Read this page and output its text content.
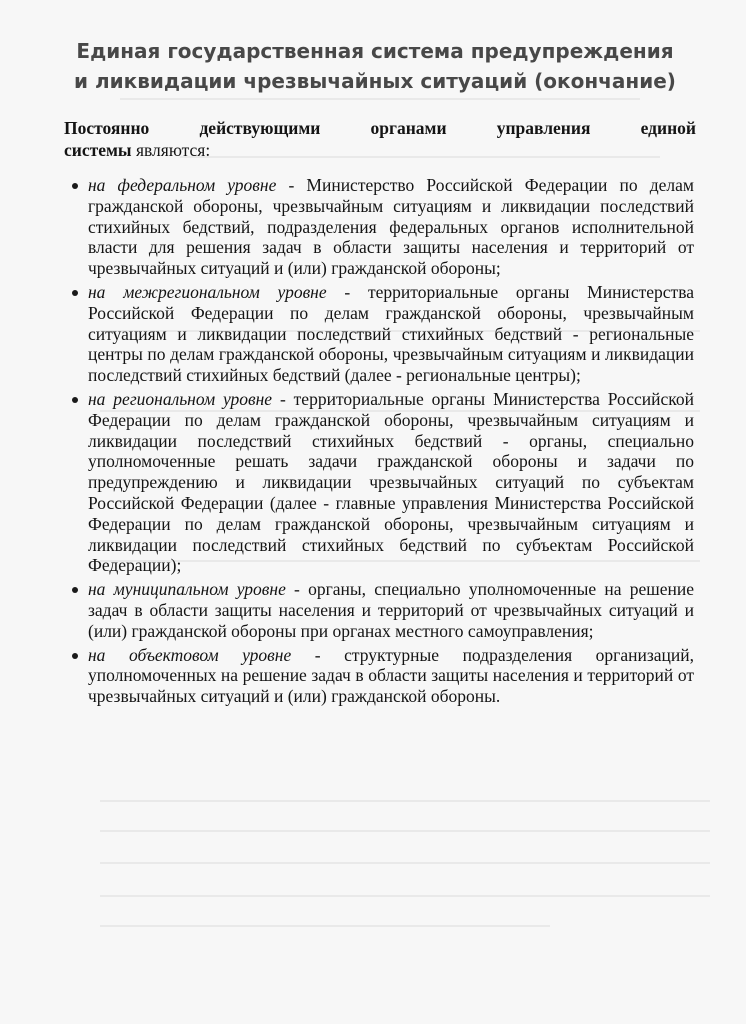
Единая государственная система предупреждения и ликвидации чрезвычайных ситуаций (окончание)
Постоянно	действующими	органами	управления	единой
системы являются:
на федеральном уровне - Министерство Российской Федерации по делам гражданской обороны, чрезвычайным ситуациям и ликвидации последствий стихийных бедствий, подразделения федеральных органов исполнительной власти для решения задач в области защиты населения и территорий от чрезвычайных ситуаций и (или) гражданской обороны;
на межрегиональном уровне - территориальные органы Министерства Российской Федерации по делам гражданской обороны, чрезвычайным ситуациям и ликвидации последствий стихийных бедствий - региональные центры по делам гражданской обороны, чрезвычайным ситуациям и ликвидации последствий стихийных бедствий (далее - региональные центры);
на региональном уровне - территориальные органы Министерства Российской Федерации по делам гражданской обороны, чрезвычайным ситуациям и ликвидации последствий стихийных бедствий - органы, специально уполномоченные решать задачи гражданской обороны и задачи по предупреждению и ликвидации чрезвычайных ситуаций по субъектам Российской Федерации (далее - главные управления Министерства Российской Федерации по делам гражданской обороны, чрезвычайным ситуациям и ликвидации последствий стихийных бедствий по субъектам Российской Федерации);
на муниципальном уровне - органы, специально уполномоченные на решение задач в области защиты населения и территорий от чрезвычайных ситуаций и (или) гражданской обороны при органах местного самоуправления;
на объектовом уровне - структурные подразделения организаций, уполномоченных на решение задач в области защиты населения и территорий от чрезвычайных ситуаций и (или) гражданской обороны.
